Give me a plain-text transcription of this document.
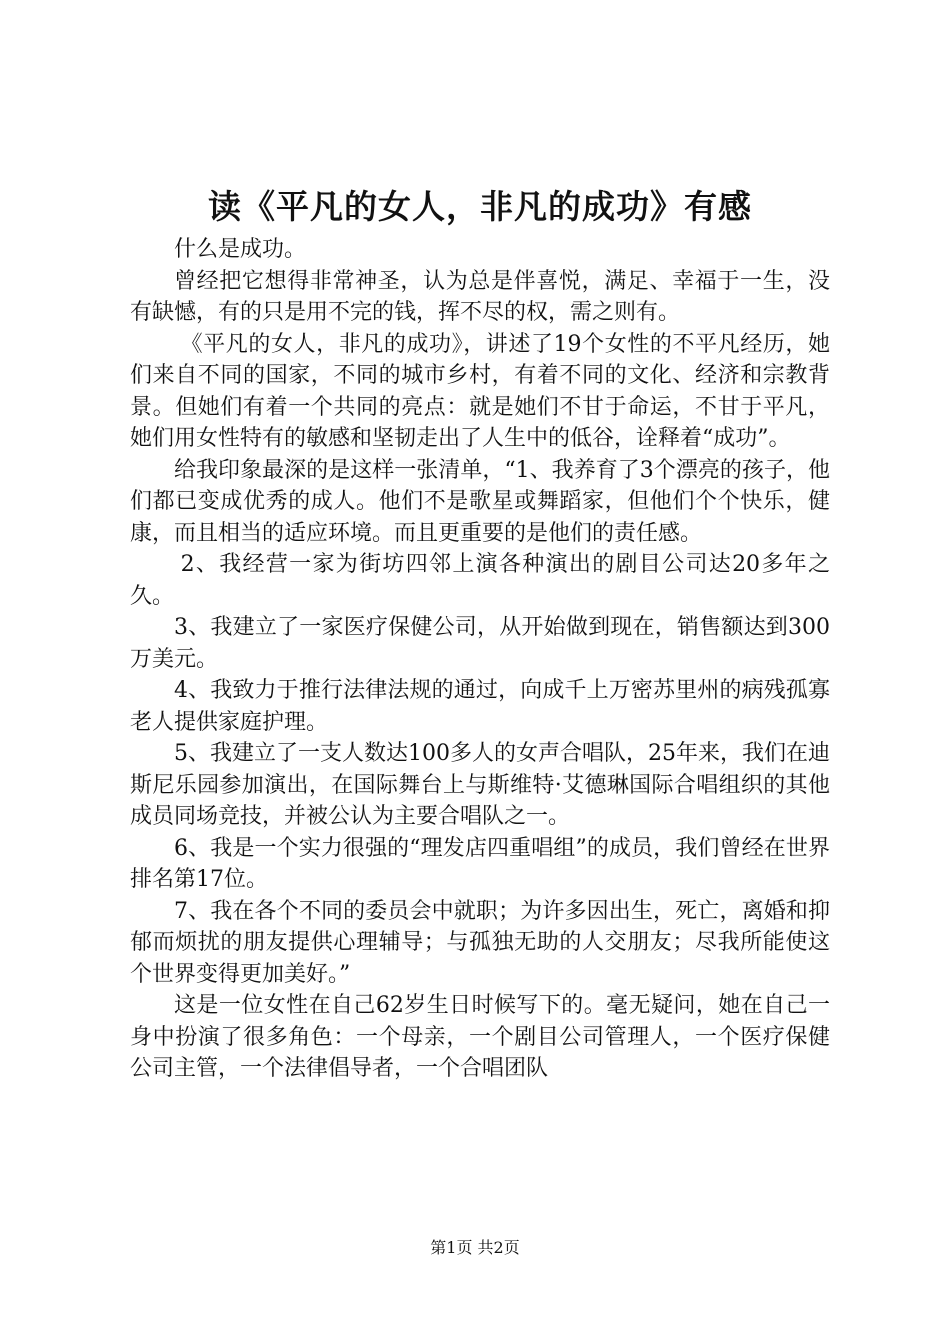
读《平凡的女人，非凡的成功》有感

什么是成功。

曾经把它想得非常神圣，认为总是伴喜悦，满足、幸福于一生，没有缺憾，有的只是用不完的钱，挥不尽的权，需之则有。

《平凡的女人，非凡的成功》，讲述了19个女性的不平凡经历，她们来自不同的国家，不同的城市乡村，有着不同的文化、经济和宗教背景。但她们有着一个共同的亮点：就是她们不甘于命运，不甘于平凡，她们用女性特有的敏感和坚韧走出了人生中的低谷，诠释着“成功”。

给我印象最深的是这样一张清单，“1、我养育了3个漂亮的孩子，他们都已变成优秀的成人。他们不是歌星或舞蹈家，但他们个个快乐，健康，而且相当的适应环境。而且更重要的是他们的责任感。

2、我经营一家为街坊四邻上演各种演出的剧目公司达20多年之久。

3、我建立了一家医疗保健公司，从开始做到现在，销售额达到300万美元。

4、我致力于推行法律法规的通过，向成千上万密苏里州的病残孤寡老人提供家庭护理。

5、我建立了一支人数达100多人的女声合唱队，25年来，我们在迪斯尼乐园参加演出，在国际舞台上与斯维特·艾德琳国际合唱组织的其他成员同场竞技，并被公认为主要合唱队之一。

6、我是一个实力很强的“理发店四重唱组”的成员，我们曾经在世界排名第17位。

7、我在各个不同的委员会中就职；为许多因出生，死亡，离婚和抑郁而烦扰的朋友提供心理辅导；与孤独无助的人交朋友；尽我所能使这个世界变得更加美好。”

这是一位女性在自己62岁生日时候写下的。毫无疑问，她在自己一身中扮演了很多角色：一个母亲，一个剧目公司管理人，一个医疗保健公司主管，一个法律倡导者，一个合唱团队

第1页 共2页
